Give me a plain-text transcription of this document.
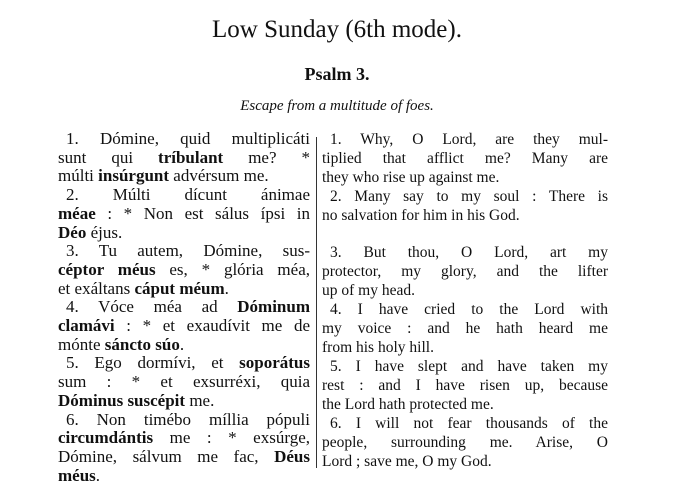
Low Sunday (6th mode).
Psalm 3.
Escape from a multitude of foes.
1. Dómine, quid multiplicáti
sunt qui tríbulant me? *
múlti insúrgunt advérsum me.
2. Múlti dícunt ánimae
méae : * Non est sálus ípsi in
Déo éjus.
3. Tu autem, Dómine, sus-
céptor méus es, * glória méa,
et exáltans cáput méum.
4. Vóce méa ad Dóminum
clamávi : * et exaudívit me de
mónte sáncto súo.
5. Ego dormívi, et soporátus
sum : * et exsurréxi, quia
Dóminus suscépit me.
6. Non timébo míllia pópuli
circumdántis me : * exsúrge,
Dómine, sálvum me fac, Déus
méus.
1. Why, O Lord, are they mul-
tiplied that afflict me? Many are
they who rise up against me.
2. Many say to my soul : There is
no salvation for him in his God.
3. But thou, O Lord, art my
protector, my glory, and the lifter
up of my head.
4. I have cried to the Lord with
my voice : and he hath heard me
from his holy hill.
5. I have slept and have taken my
rest : and I have risen up, because
the Lord hath protected me.
6. I will not fear thousands of the
people, surrounding me. Arise, O
Lord ; save me, O my God.
